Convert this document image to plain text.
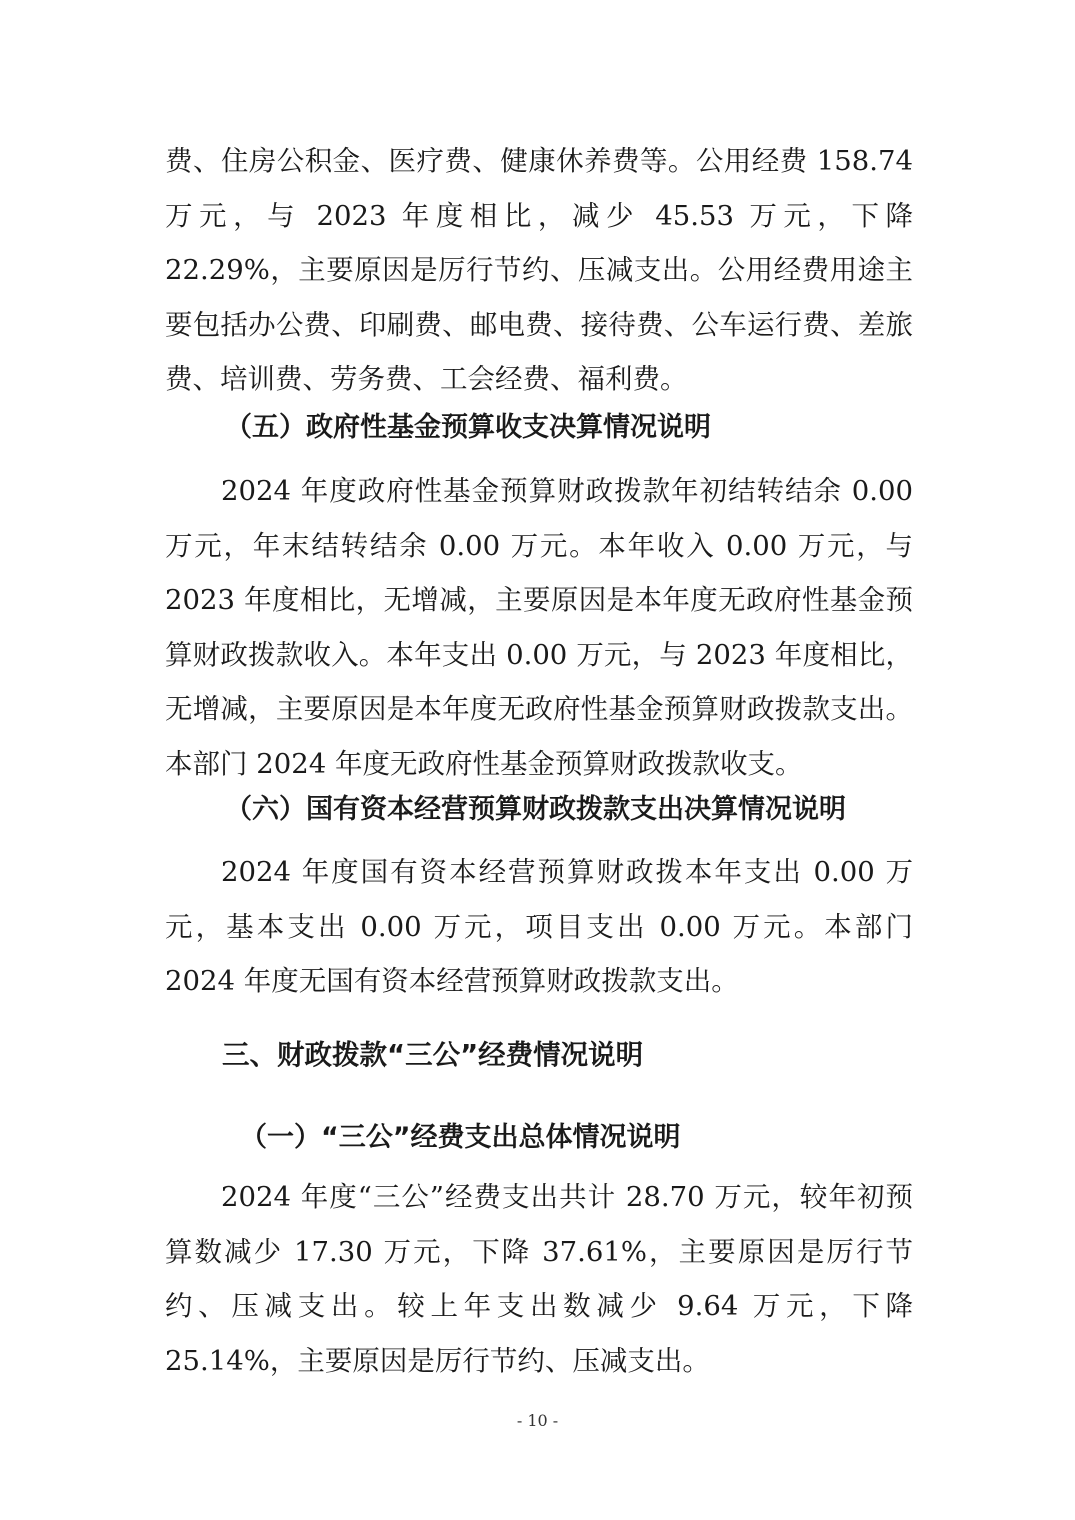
费、住房公积金、医疗费、健康休养费等。公用经费 158.74 万元，与 2023 年度相比，减少 45.53 万元，下降 22.29%，主要原因是厉行节约、压减支出。公用经费用途主要包括办公费、印刷费、邮电费、接待费、公车运行费、差旅费、培训费、劳务费、工会经费、福利费。

（五）政府性基金预算收支决算情况说明

2024 年度政府性基金预算财政拨款年初结转结余 0.00 万元，年末结转结余 0.00 万元。本年收入 0.00 万元，与 2023 年度相比，无增减，主要原因是本年度无政府性基金预算财政拨款收入。本年支出 0.00 万元，与 2023 年度相比，无增减，主要原因是本年度无政府性基金预算财政拨款支出。本部门 2024 年度无政府性基金预算财政拨款收支。

（六）国有资本经营预算财政拨款支出决算情况说明

2024 年度国有资本经营预算财政拨本年支出 0.00 万元，基本支出 0.00 万元，项目支出 0.00 万元。本部门 2024 年度无国有资本经营预算财政拨款支出。

三、财政拨款“三公”经费情况说明
（一）“三公”经费支出总体情况说明

2024 年度“三公”经费支出共计 28.70 万元，较年初预算数减少 17.30 万元，下降 37.61%，主要原因是厉行节约、压减支出。较上年支出数减少 9.64 万元，下降 25.14%，主要原因是厉行节约、压减支出。

- 10 -
